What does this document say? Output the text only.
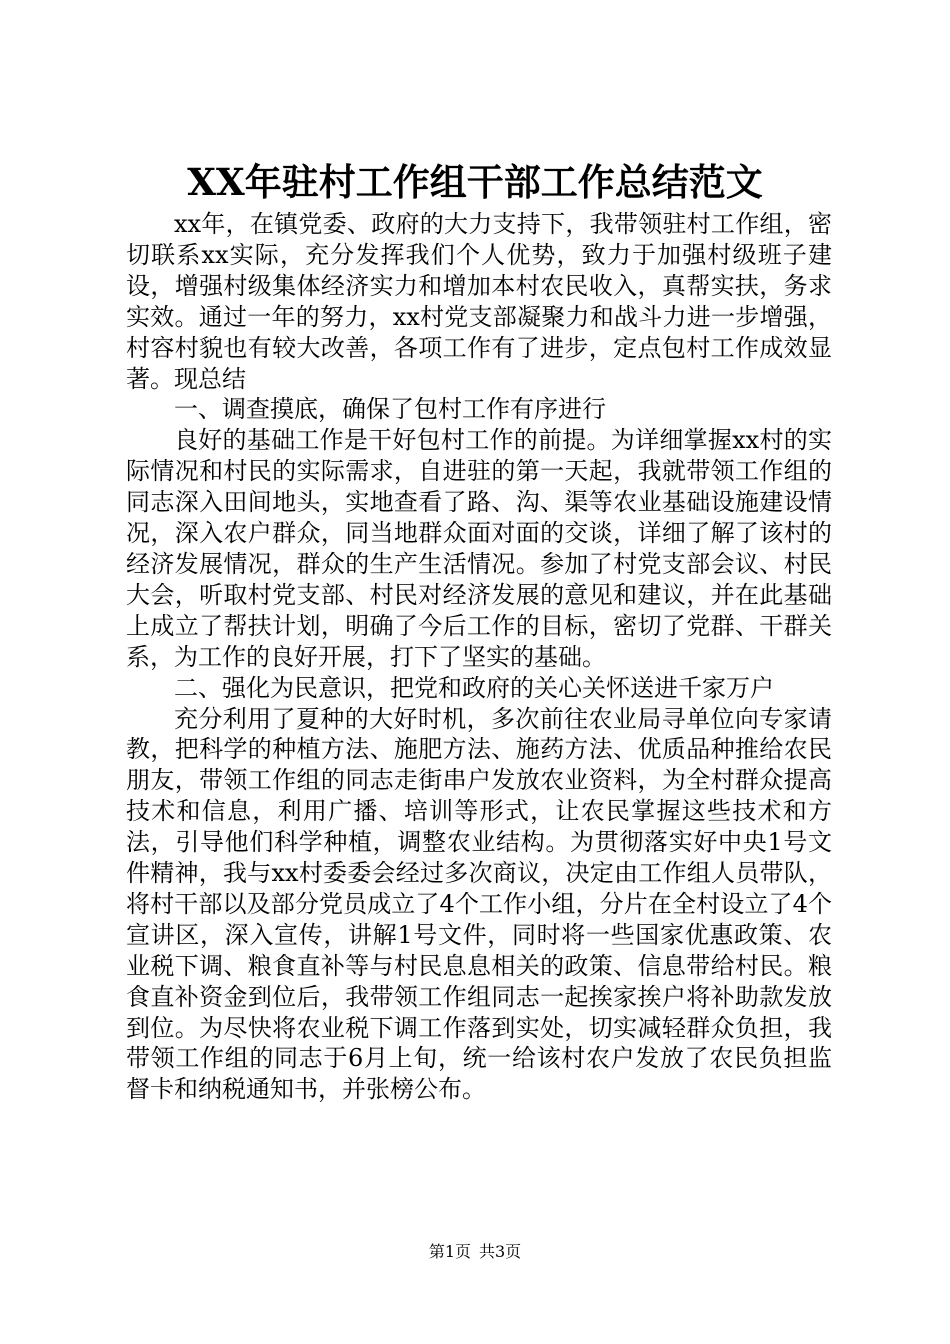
XX年驻村工作组干部工作总结范文

xx年，在镇党委、政府的大力支持下，我带领驻村工作组，密切联系xx实际，充分发挥我们个人优势，致力于加强村级班子建设，增强村级集体经济实力和增加本村农民收入，真帮实扶，务求实效。通过一年的努力，xx村党支部凝聚力和战斗力进一步增强，村容村貌也有较大改善，各项工作有了进步，定点包村工作成效显著。现总结

一、调查摸底，确保了包村工作有序进行

良好的基础工作是干好包村工作的前提。为详细掌握xx村的实际情况和村民的实际需求，自进驻的第一天起，我就带领工作组的同志深入田间地头，实地查看了路、沟、渠等农业基础设施建设情况，深入农户群众，同当地群众面对面的交谈，详细了解了该村的经济发展情况，群众的生产生活情况。参加了村党支部会议、村民大会，听取村党支部、村民对经济发展的意见和建议，并在此基础上成立了帮扶计划，明确了今后工作的目标，密切了党群、干群关系，为工作的良好开展，打下了坚实的基础。

二、强化为民意识，把党和政府的关心关怀送进千家万户

充分利用了夏种的大好时机，多次前往农业局寻单位向专家请教，把科学的种植方法、施肥方法、施药方法、优质品种推给农民朋友，带领工作组的同志走街串户发放农业资料，为全村群众提高技术和信息，利用广播、培训等形式，让农民掌握这些技术和方法，引导他们科学种植，调整农业结构。为贯彻落实好中央1号文件精神，我与xx村委委会经过多次商议，决定由工作组人员带队，将村干部以及部分党员成立了4个工作小组，分片在全村设立了4个宣讲区，深入宣传，讲解1号文件，同时将一些国家优惠政策、农业税下调、粮食直补等与村民息息相关的政策、信息带给村民。粮食直补资金到位后，我带领工作组同志一起挨家挨户将补助款发放到位。为尽快将农业税下调工作落到实处，切实减轻群众负担，我带领工作组的同志于6月上旬，统一给该村农户发放了农民负担监督卡和纳税通知书，并张榜公布。

第1页 共3页
